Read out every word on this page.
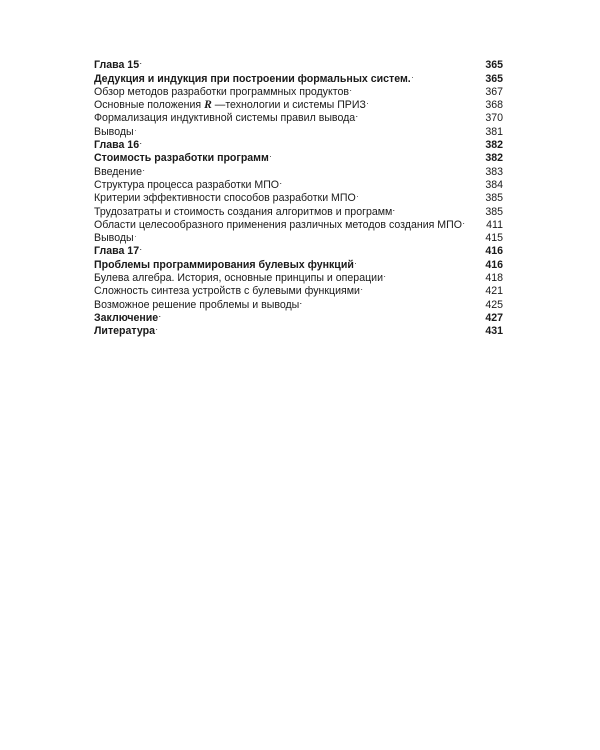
Глава 15 . . .	365
Дедукция и индукция при построении формальных систем. . . .	365
Обзор методов разработки программных продуктов . . .	367
Основные положения R —технологии и системы ПРИЗ . . .	368
Формализация индуктивной системы правил вывода . . .	370
Выводы . . .	381
Глава 16 . . .	382
Стоимость разработки программ . . .	382
Введение . . .	383
Структура процесса разработки МПО . . .	384
Критерии эффективности способов разработки МПО . . .	385
Трудозатраты и стоимость создания алгоритмов и программ . . .	385
Области целесообразного применения различных методов создания МПО . . . 411
Выводы . . .	415
Глава 17 . . .	416
Проблемы программирования булевых функций . . .	416
Булева алгебра. История, основные принципы и операции . . .	418
Сложность синтеза устройств с булевыми функциями . . .	421
Возможное решение проблемы и выводы . . .	425
Заключение . . .	427
Литература . . .	431
